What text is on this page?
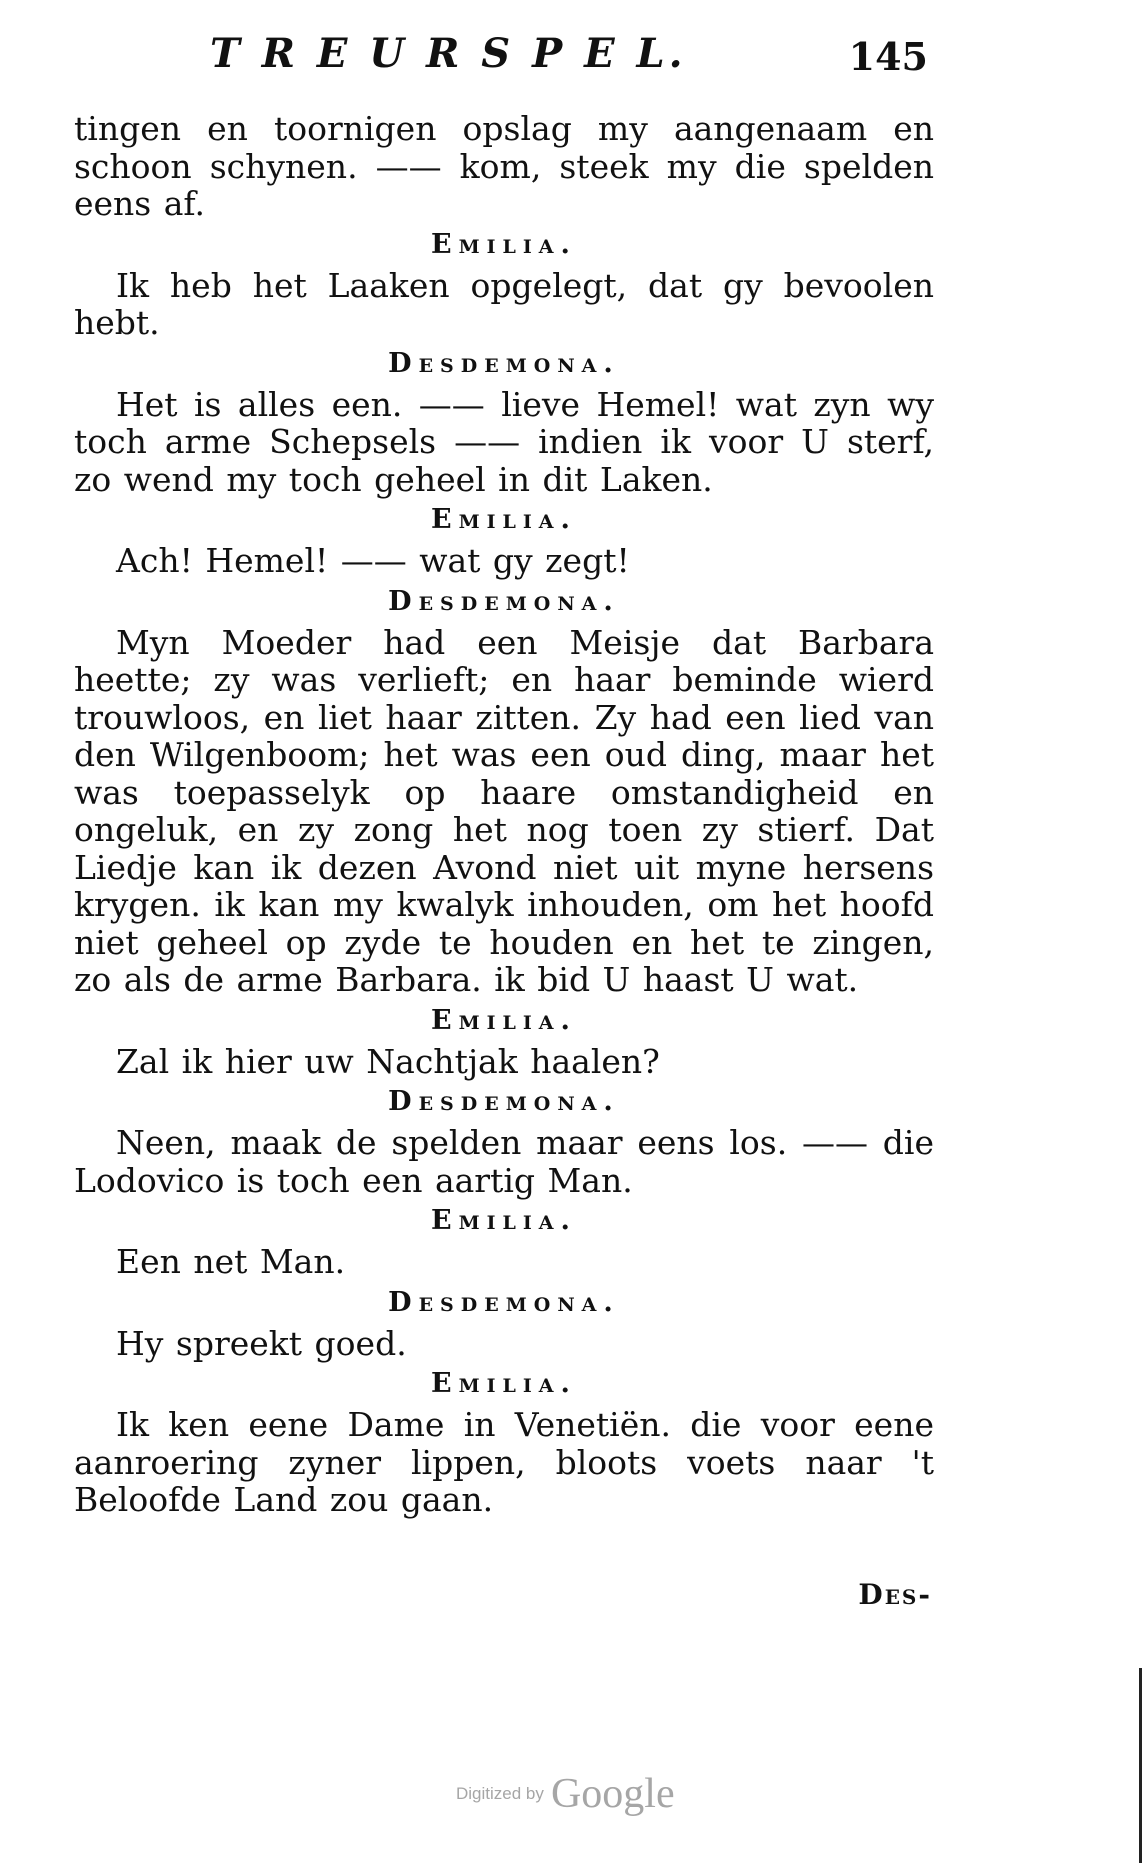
T R E U R S P E L.	145
tingen en toornigen opslag my aangenaam en schoon schynen. —— kom, steek my die spelden eens af.
Emilia.
Ik heb het Laaken opgelegt, dat gy bevoolen hebt.
Desdemona.
Het is alles een. —— lieve Hemel! wat zyn wy toch arme Schepsels —— indien ik voor U sterf, zo wend my toch geheel in dit Laken.
Emilia.
Ach! Hemel! —— wat gy zegt!
Desdemona.
Myn Moeder had een Meisje dat Barbara heette; zy was verlieft; en haar beminde wierd trouwloos, en liet haar zitten. Zy had een lied van den Wilgenboom; het was een oud ding, maar het was toepasselyk op haare omstandigheid en ongeluk, en zy zong het nog toen zy stierf. Dat Liedje kan ik dezen Avond niet uit myne hersens krygen. ik kan my kwalyk inhouden, om het hoofd niet geheel op zyde te houden en het te zingen, zo als de arme Barbara. ik bid U haast U wat.
Emilia.
Zal ik hier uw Nachtjak haalen?
Desdemona.
Neen, maak de spelden maar eens los. —— die Lodovico is toch een aartig Man.
Emilia.
Een net Man.
Desdemona.
Hy spreekt goed.
Emilia.
Ik ken eene Dame in Venetiën. die voor eene aanroering zyner lippen, bloots voets naar 't Beloofde Land zou gaan.
Des-
Digitized by Google
